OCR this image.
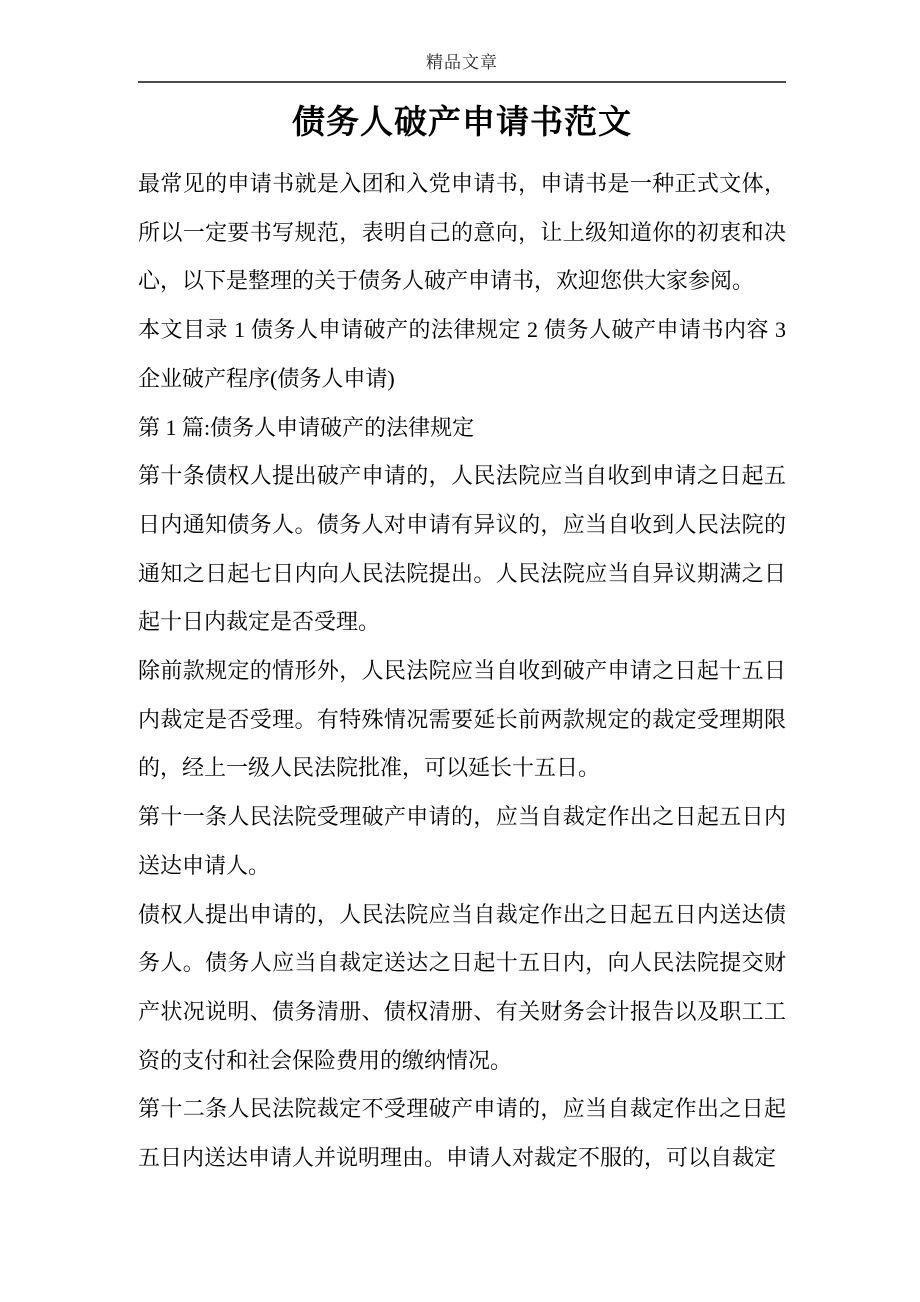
精品文章
债务人破产申请书范文

最常见的申请书就是入团和入党申请书，申请书是一种正式文体，所以一定要书写规范，表明自己的意向，让上级知道你的初衷和决心，以下是整理的关于债务人破产申请书，欢迎您供大家参阅。

本文目录 1 债务人申请破产的法律规定 2 债务人破产申请书内容 3 企业破产程序(债务人申请)

第 1 篇:债务人申请破产的法律规定

第十条债权人提出破产申请的，人民法院应当自收到申请之日起五日内通知债务人。债务人对申请有异议的，应当自收到人民法院的通知之日起七日内向人民法院提出。人民法院应当自异议期满之日起十日内裁定是否受理。

除前款规定的情形外，人民法院应当自收到破产申请之日起十五日内裁定是否受理。有特殊情况需要延长前两款规定的裁定受理期限的，经上一级人民法院批准，可以延长十五日。

第十一条人民法院受理破产申请的，应当自裁定作出之日起五日内送达申请人。

债权人提出申请的，人民法院应当自裁定作出之日起五日内送达债务人。债务人应当自裁定送达之日起十五日内，向人民法院提交财产状况说明、债务清册、债权清册、有关财务会计报告以及职工工资的支付和社会保险费用的缴纳情况。

第十二条人民法院裁定不受理破产申请的，应当自裁定作出之日起五日内送达申请人并说明理由。申请人对裁定不服的，可以自裁定
